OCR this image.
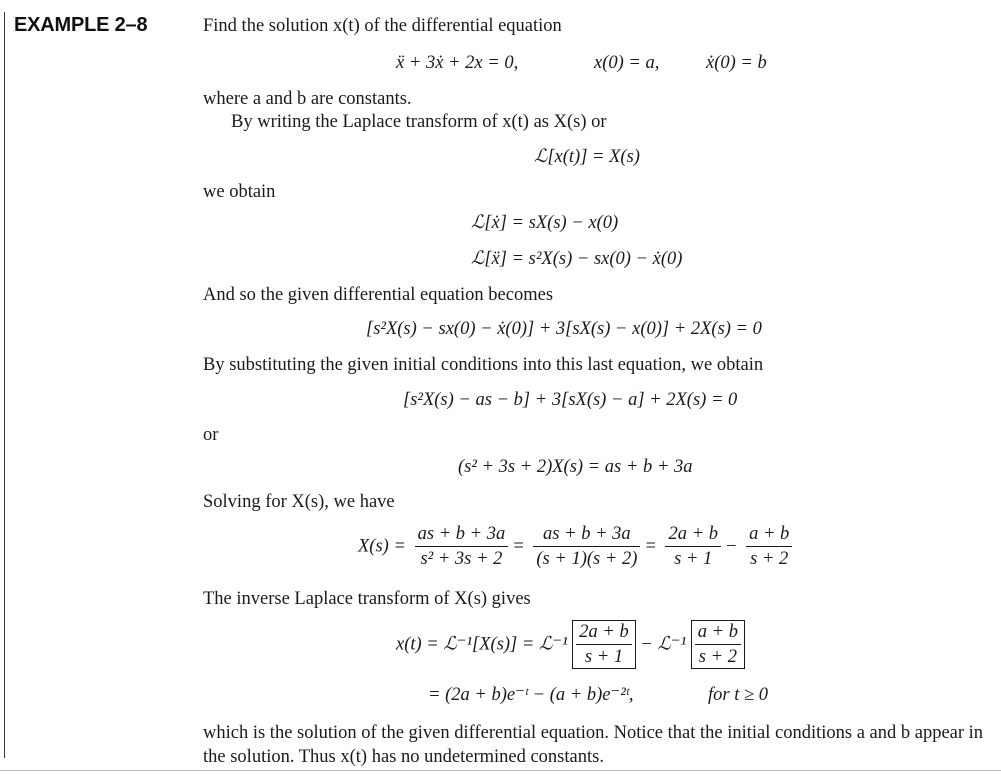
EXAMPLE 2–8	Find the solution x(t) of the differential equation
ẍ + 3ẋ + 2x = 0,	x(0) = a,	ẋ(0) = b
where a and b are constants.
By writing the Laplace transform of x(t) as X(s) or
ℒ[x(t)] = X(s)
we obtain
ℒ[ẋ] = sX(s) − x(0)
ℒ[ẍ] = s²X(s) − sx(0) − ẋ(0)
And so the given differential equation becomes
[s²X(s) − sx(0) − ẋ(0)] + 3[sX(s) − x(0)] + 2X(s) = 0
By substituting the given initial conditions into this last equation, we obtain
[s²X(s) − as − b] + 3[sX(s) − a] + 2X(s) = 0
or
(s² + 3s + 2)X(s) = as + b + 3a
Solving for X(s), we have
$X(s) = \frac{as + b + 3a}{\text{s² + 3s + 2}} = \frac{as + b + 3a}{(s + 1)(s + 2)} = \frac{2a + b}{s + 1} - \frac{a + b}{s + 2}$
The inverse Laplace transform of X(s) gives
x(t) = ℒ⁻¹[X(s)] = ℒ⁻¹ $\frac{2a + b}{s + 1}$ − ℒ⁻¹ $\frac{a + b}{s + 2}$
= (2a + b)e⁻ᵗ − (a + b)e⁻²ᵗ,	for t ≥ 0
which is the solution of the given differential equation. Notice that the initial conditions a and b appear in the solution. Thus x(t) has no undetermined constants.
